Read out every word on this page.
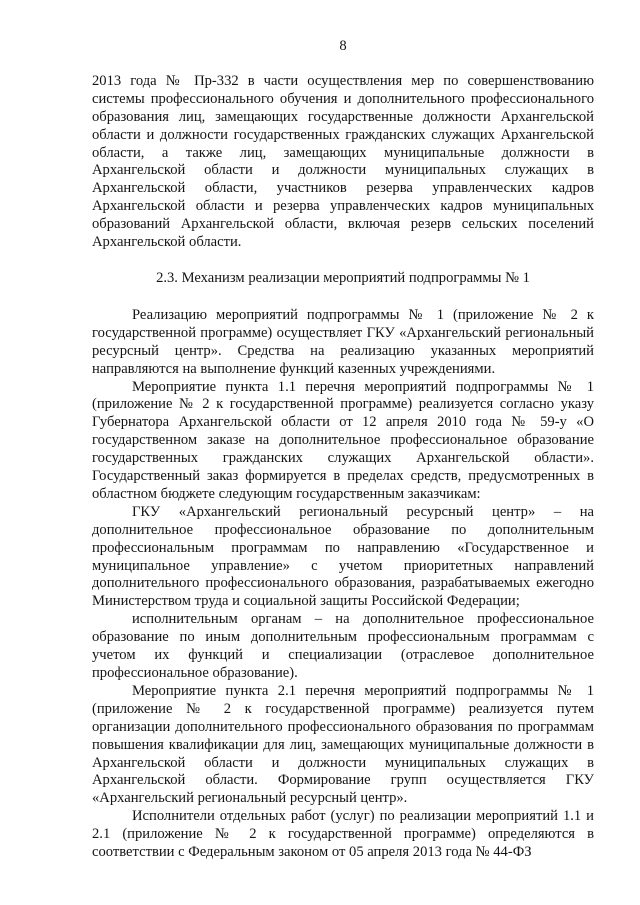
8

2013 года № Пр-332 в части осуществления мер по совершенствованию системы профессионального обучения и дополнительного профессионального образования лиц, замещающих государственные должности Архангельской области и должности государственных гражданских служащих Архангельской области, а также лиц, замещающих муниципальные должности в Архангельской области и должности муниципальных служащих в Архангельской области, участников резерва управленческих кадров Архангельской области и резерва управленческих кадров муниципальных образований Архангельской области, включая резерв сельских поселений Архангельской области.

2.3. Механизм реализации мероприятий подпрограммы № 1

Реализацию мероприятий подпрограммы № 1 (приложение № 2 к государственной программе) осуществляет ГКУ «Архангельский региональный ресурсный центр». Средства на реализацию указанных мероприятий направляются на выполнение функций казенных учреждениями.

Мероприятие пункта 1.1 перечня мероприятий подпрограммы № 1 (приложение № 2 к государственной программе) реализуется согласно указу Губернатора Архангельской области от 12 апреля 2010 года № 59-у «О государственном заказе на дополнительное профессиональное образование государственных гражданских служащих Архангельской области». Государственный заказ формируется в пределах средств, предусмотренных в областном бюджете следующим государственным заказчикам:

ГКУ «Архангельский региональный ресурсный центр» – на дополнительное профессиональное образование по дополнительным профессиональным программам по направлению «Государственное и муниципальное управление» с учетом приоритетных направлений дополнительного профессионального образования, разрабатываемых ежегодно Министерством труда и социальной защиты Российской Федерации;

исполнительным органам – на дополнительное профессиональное образование по иным дополнительным профессиональным программам с учетом их функций и специализации (отраслевое дополнительное профессиональное образование).

Мероприятие пункта 2.1 перечня мероприятий подпрограммы № 1 (приложение № 2 к государственной программе) реализуется путем организации дополнительного профессионального образования по программам повышения квалификации для лиц, замещающих муниципальные должности в Архангельской области и должности муниципальных служащих в Архангельской области. Формирование групп осуществляется ГКУ «Архангельский региональный ресурсный центр».

Исполнители отдельных работ (услуг) по реализации мероприятий 1.1 и 2.1 (приложение № 2 к государственной программе) определяются в соответствии с Федеральным законом от 05 апреля 2013 года № 44-ФЗ
